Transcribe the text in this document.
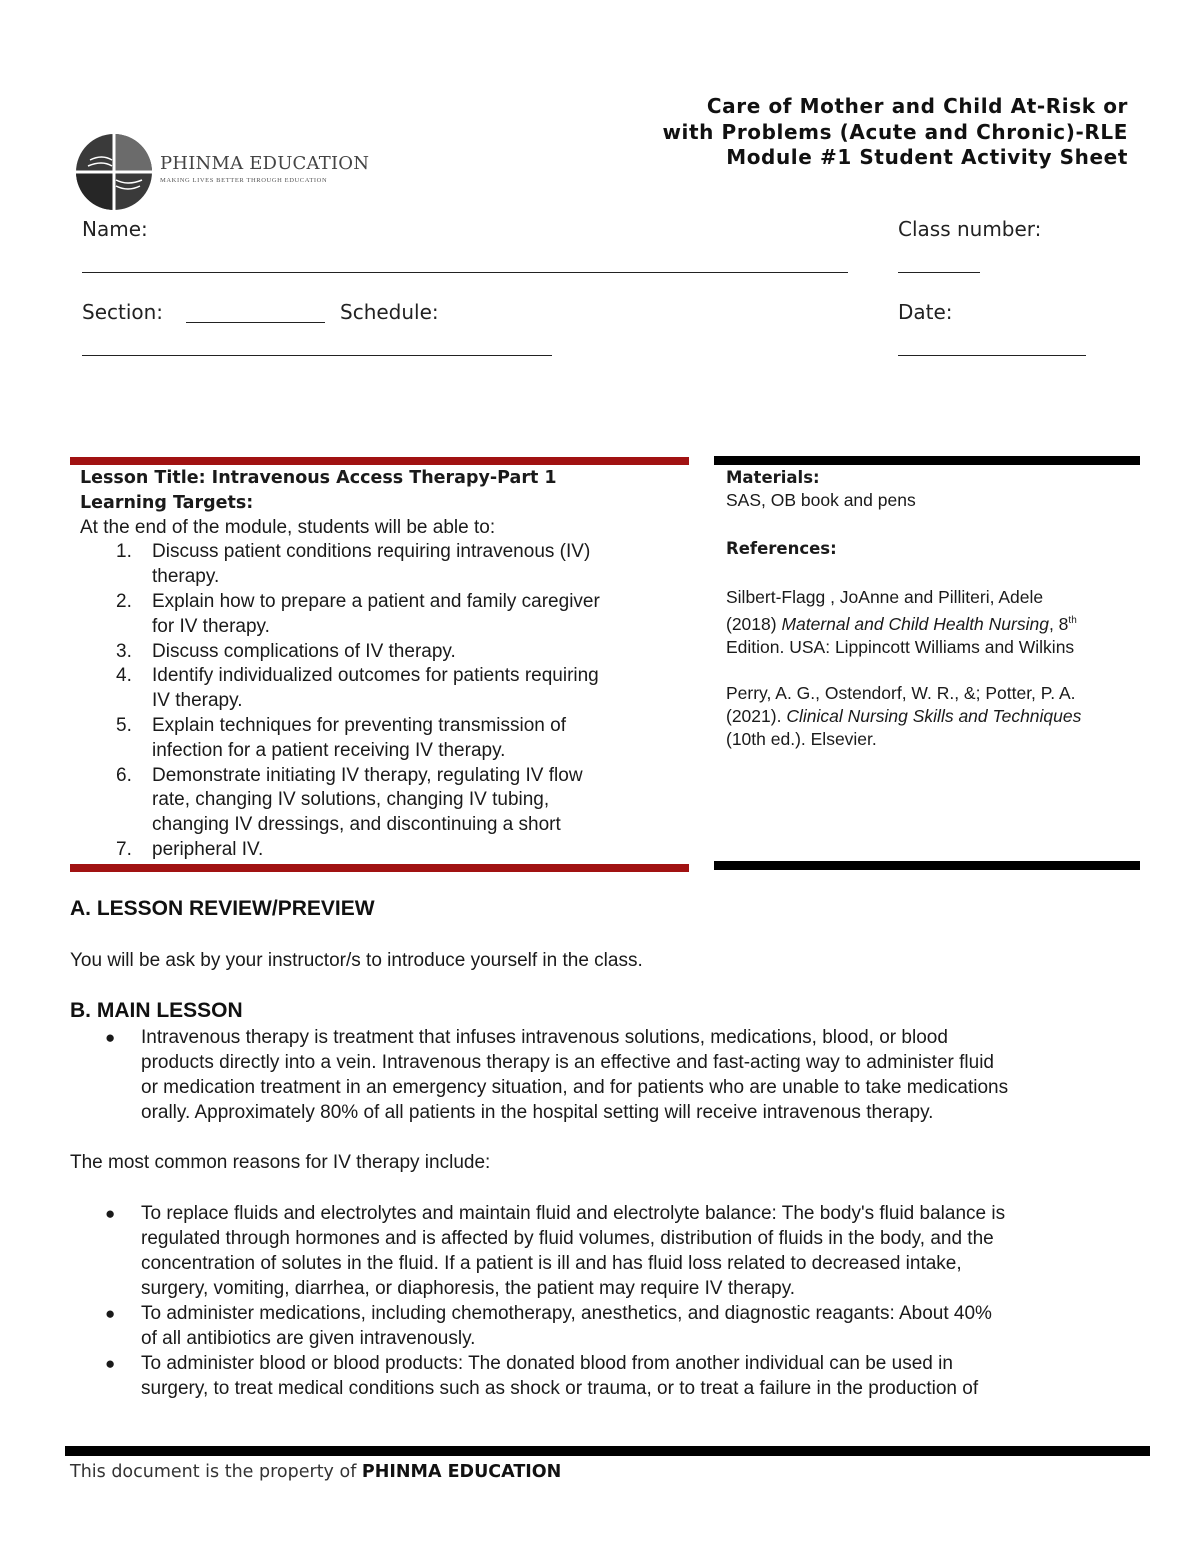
Care of Mother and Child At-Risk or
with Problems (Acute and Chronic)-RLE
Module #1 Student Activity Sheet
PHINMA EDUCATION
MAKING LIVES BETTER THROUGH EDUCATION
Name:	Class number:
Section:	Schedule:	Date:
Lesson Title: Intravenous Access Therapy-Part 1
Learning Targets:
At the end of the module, students will be able to:
1. Discuss patient conditions requiring intravenous (IV)
therapy.
2. Explain how to prepare a patient and family caregiver
for IV therapy.
3. Discuss complications of IV therapy.
4. Identify individualized outcomes for patients requiring
IV therapy.
5. Explain techniques for preventing transmission of
infection for a patient receiving IV therapy.
6. Demonstrate initiating IV therapy, regulating IV flow
rate, changing IV solutions, changing IV tubing,
changing IV dressings, and discontinuing a short
7. peripheral IV.
Materials:
SAS, OB book and pens
References:
Silbert-Flagg , JoAnne and Pilliteri, Adele
(2018) Maternal and Child Health Nursing, 8th
Edition. USA: Lippincott Williams and Wilkins
Perry, A. G., Ostendorf, W. R., &; Potter, P. A.
(2021). Clinical Nursing Skills and Techniques
(10th ed.). Elsevier.
A. LESSON REVIEW/PREVIEW
You will be ask by your instructor/s to introduce yourself in the class.
B. MAIN LESSON
● Intravenous therapy is treatment that infuses intravenous solutions, medications, blood, or blood
products directly into a vein. Intravenous therapy is an effective and fast-acting way to administer fluid
or medication treatment in an emergency situation, and for patients who are unable to take medications
orally. Approximately 80% of all patients in the hospital setting will receive intravenous therapy.
The most common reasons for IV therapy include:
● To replace fluids and electrolytes and maintain fluid and electrolyte balance: The body's fluid balance is
regulated through hormones and is affected by fluid volumes, distribution of fluids in the body, and the
concentration of solutes in the fluid. If a patient is ill and has fluid loss related to decreased intake,
surgery, vomiting, diarrhea, or diaphoresis, the patient may require IV therapy.
● To administer medications, including chemotherapy, anesthetics, and diagnostic reagants: About 40%
of all antibiotics are given intravenously.
● To administer blood or blood products: The donated blood from another individual can be used in
surgery, to treat medical conditions such as shock or trauma, or to treat a failure in the production of
This document is the property of PHINMA EDUCATION
